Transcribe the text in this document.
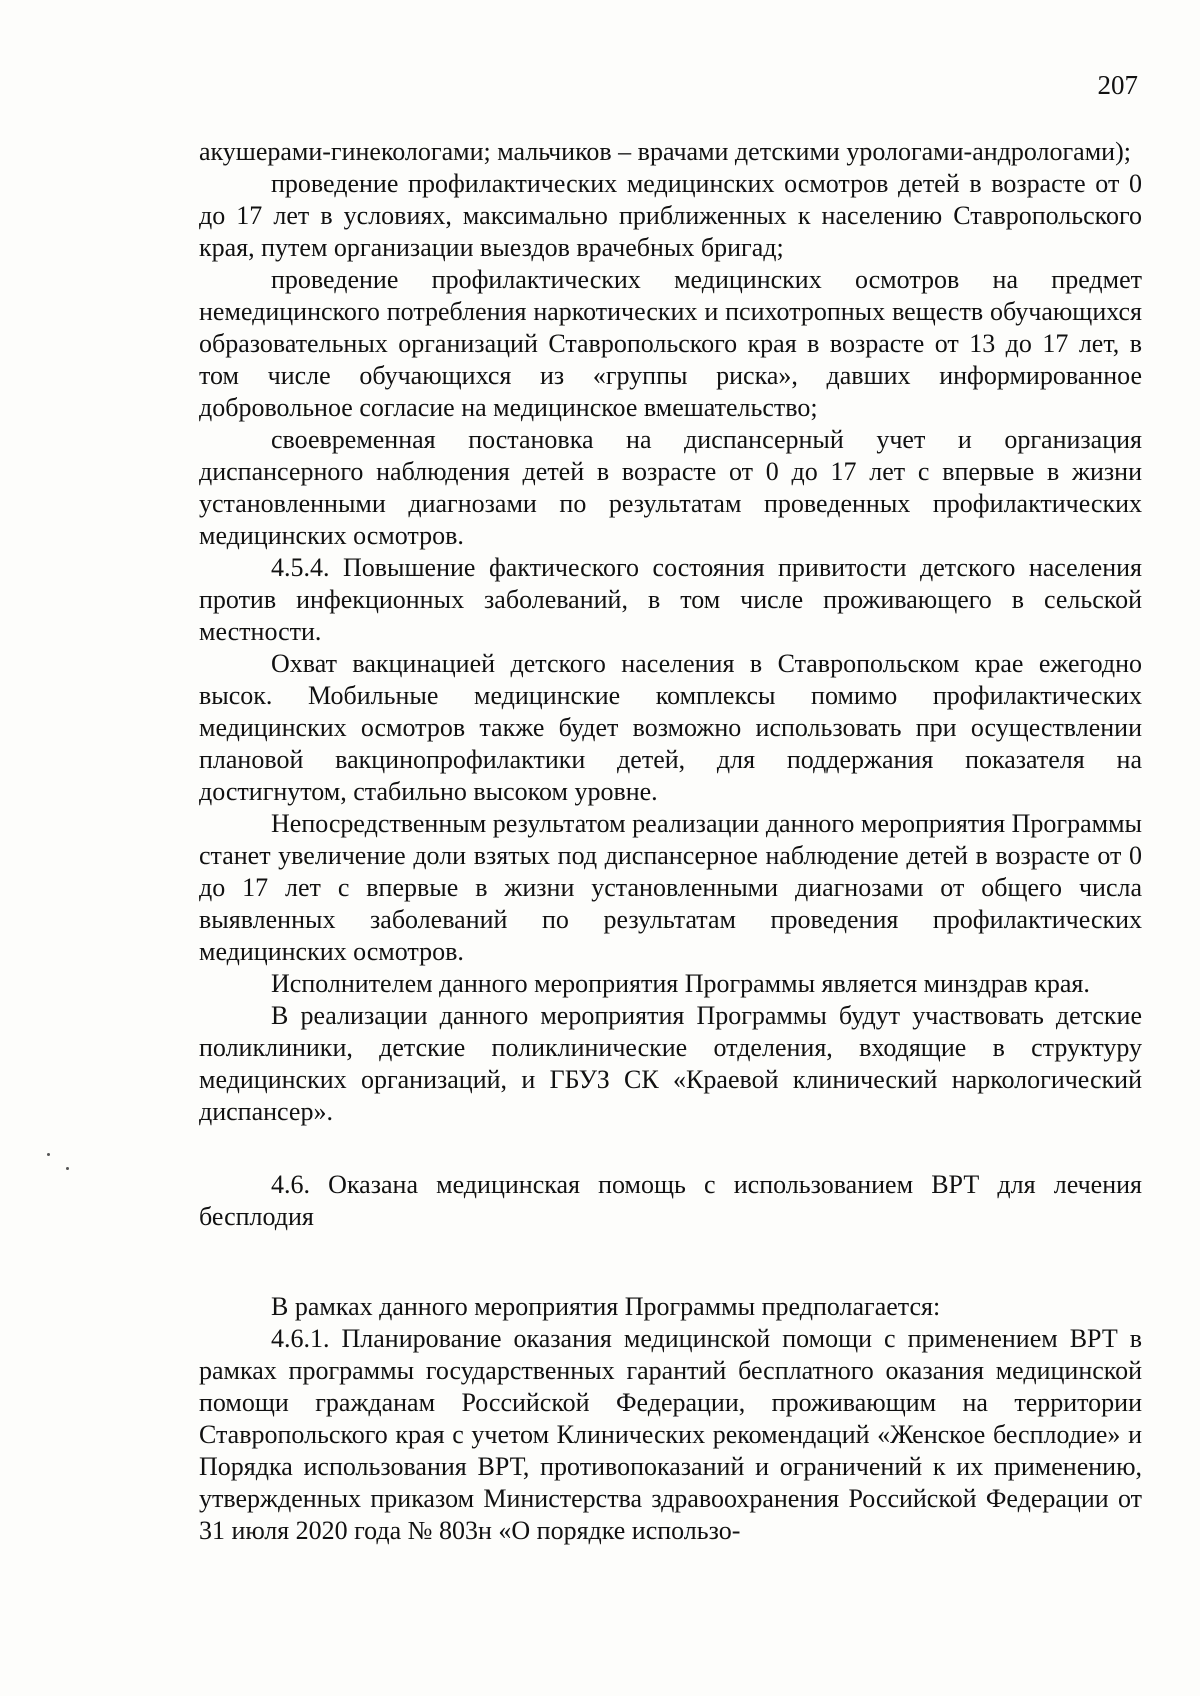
207

акушерами-гинекологами; мальчиков – врачами детскими урологами-андрологами);

проведение профилактических медицинских осмотров детей в возрасте от 0 до 17 лет в условиях, максимально приближенных к населению Ставропольского края, путем организации выездов врачебных бригад;

проведение профилактических медицинских осмотров на предмет немедицинского потребления наркотических и психотропных веществ обучающихся образовательных организаций Ставропольского края в возрасте от 13 до 17 лет, в том числе обучающихся из «группы риска», давших информированное добровольное согласие на медицинское вмешательство;

своевременная постановка на диспансерный учет и организация диспансерного наблюдения детей в возрасте от 0 до 17 лет с впервые в жизни установленными диагнозами по результатам проведенных профилактических медицинских осмотров.

4.5.4. Повышение фактического состояния привитости детского населения против инфекционных заболеваний, в том числе проживающего в сельской местности.

Охват вакцинацией детского населения в Ставропольском крае ежегодно высок. Мобильные медицинские комплексы помимо профилактических медицинских осмотров также будет возможно использовать при осуществлении плановой вакцинопрофилактики детей, для поддержания показателя на достигнутом, стабильно высоком уровне.

Непосредственным результатом реализации данного мероприятия Программы станет увеличение доли взятых под диспансерное наблюдение детей в возрасте от 0 до 17 лет с впервые в жизни установленными диагнозами от общего числа выявленных заболеваний по результатам проведения профилактических медицинских осмотров.

Исполнителем данного мероприятия Программы является минздрав края.

В реализации данного мероприятия Программы будут участвовать детские поликлиники, детские поликлинические отделения, входящие в структуру медицинских организаций, и ГБУЗ СК «Краевой клинический наркологический диспансер».

4.6. Оказана медицинская помощь с использованием ВРТ для лечения бесплодия

В рамках данного мероприятия Программы предполагается:

4.6.1. Планирование оказания медицинской помощи с применением ВРТ в рамках программы государственных гарантий бесплатного оказания медицинской помощи гражданам Российской Федерации, проживающим на территории Ставропольского края с учетом Клинических рекомендаций «Женское бесплодие» и Порядка использования ВРТ, противопоказаний и ограничений к их применению, утвержденных приказом Министерства здравоохранения Российской Федерации от 31 июля 2020 года № 803н «О порядке использо-
